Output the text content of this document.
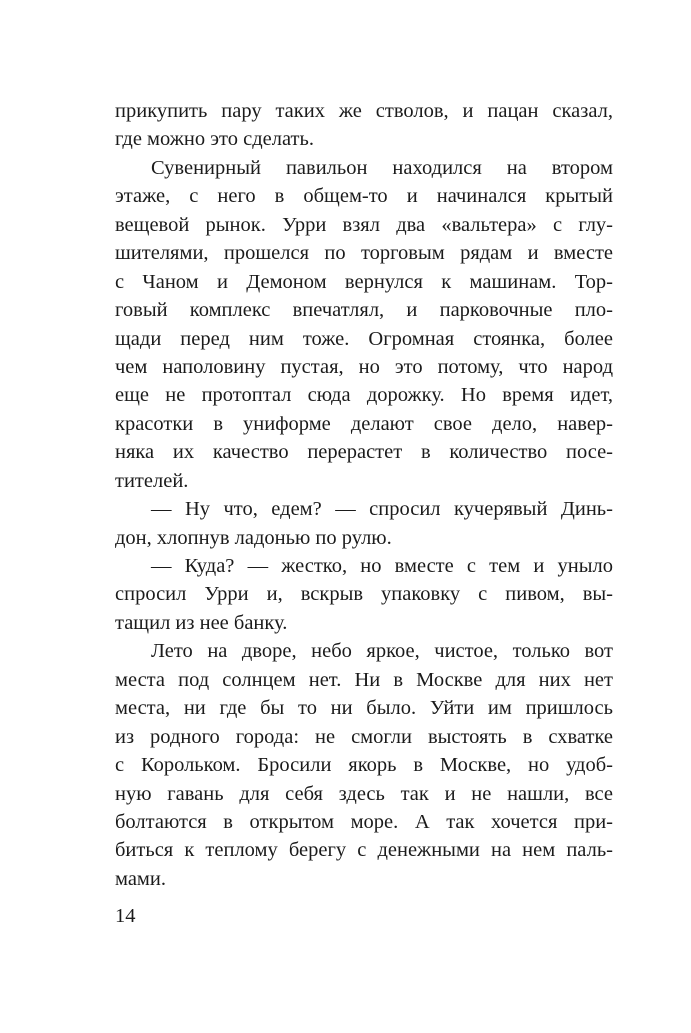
прикупить пару таких же стволов, и пацан сказал,
где можно это сделать.
Сувенирный павильон находился на втором
этаже, с него в общем-то и начинался крытый
вещевой рынок. Урри взял два «вальтера» с глу-
шителями, прошелся по торговым рядам и вместе
с Чаном и Демоном вернулся к машинам. Тор-
говый комплекс впечатлял, и парковочные пло-
щади перед ним тоже. Огромная стоянка, более
чем наполовину пустая, но это потому, что народ
еще не протоптал сюда дорожку. Но время идет,
красотки в униформе делают свое дело, навер-
няка их качество перерастет в количество посе-
тителей.
— Ну что, едем? — спросил кучерявый Динь-
дон, хлопнув ладонью по рулю.
— Куда? — жестко, но вместе с тем и уныло
спросил Урри и, вскрыв упаковку с пивом, вы-
тащил из нее банку.
Лето на дворе, небо яркое, чистое, только вот
места под солнцем нет. Ни в Москве для них нет
места, ни где бы то ни было. Уйти им пришлось
из родного города: не смогли выстоять в схватке
с Корольком. Бросили якорь в Москве, но удоб-
ную гавань для себя здесь так и не нашли, все
болтаются в открытом море. А так хочется при-
биться к теплому берегу с денежными на нем паль-
мами.
14
